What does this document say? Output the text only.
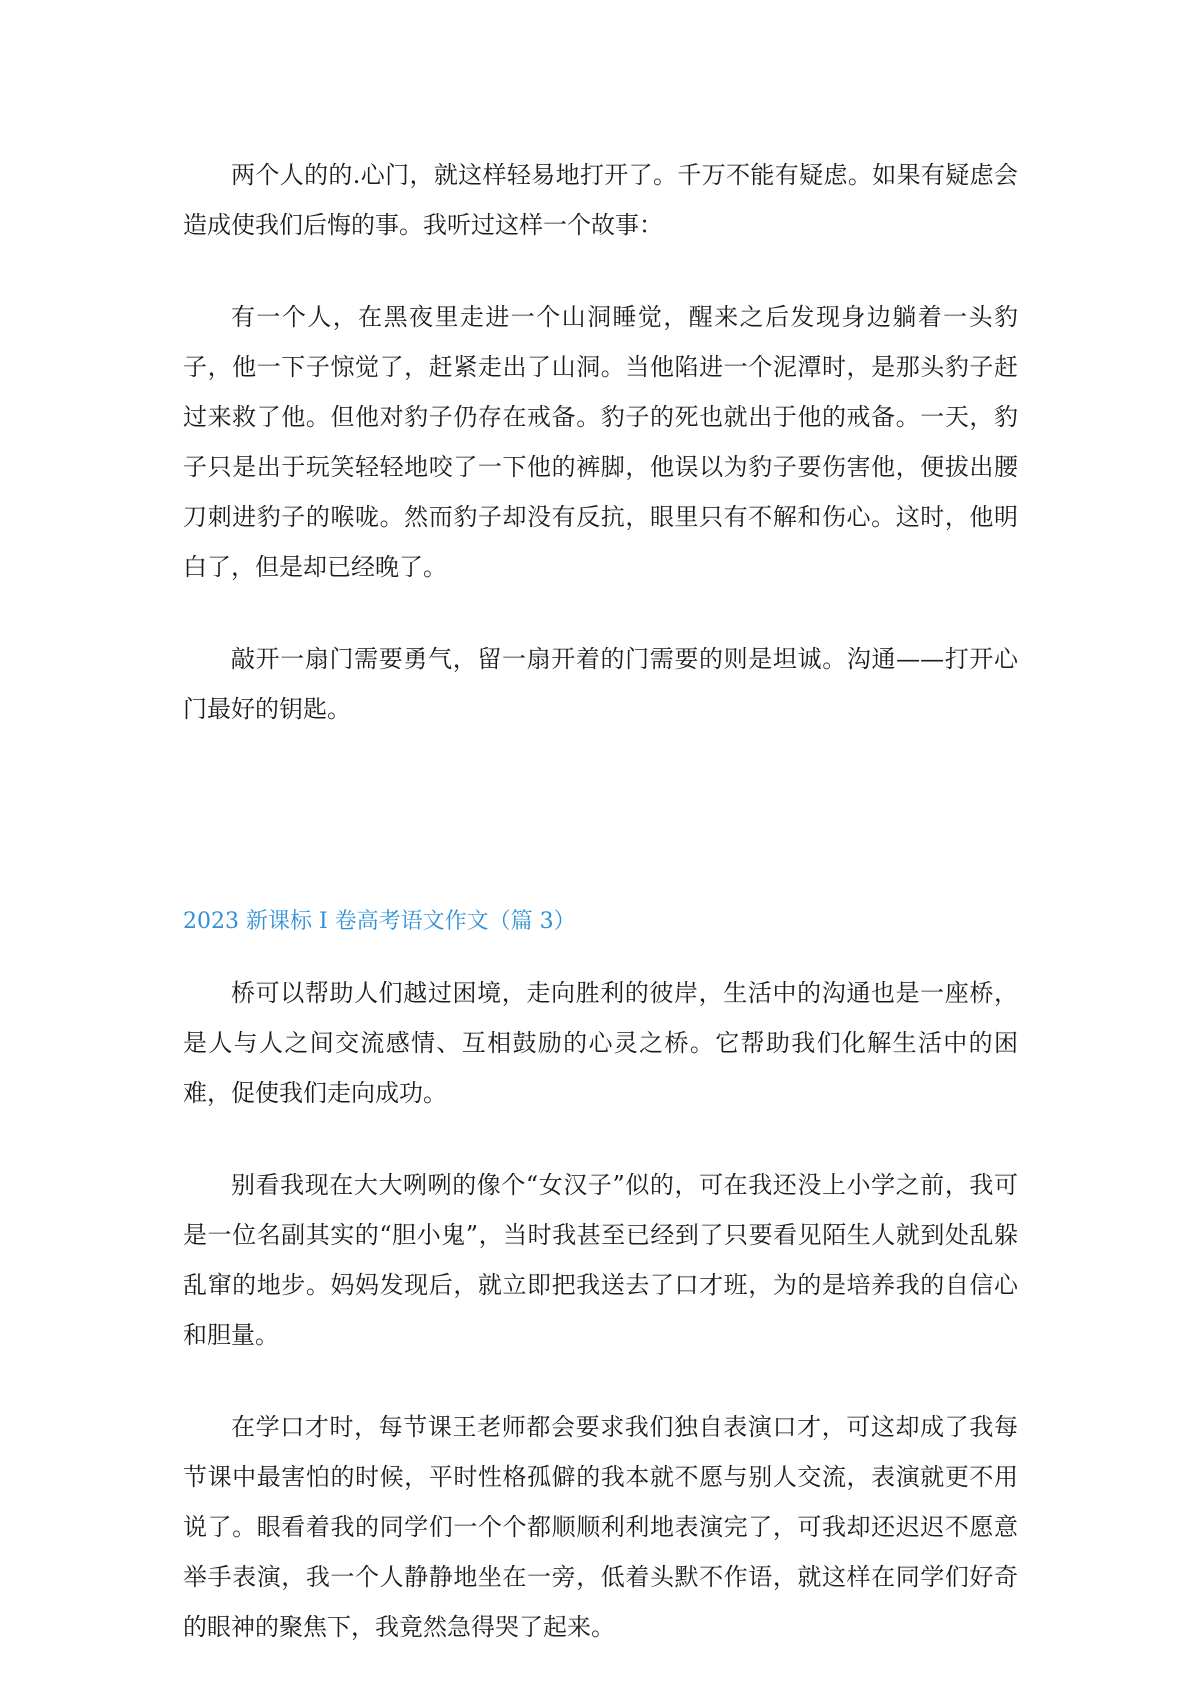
两个人的的.心门，就这样轻易地打开了。千万不能有疑虑。如果有疑虑会造成使我们后悔的事。我听过这样一个故事：

有一个人，在黑夜里走进一个山洞睡觉，醒来之后发现身边躺着一头豹子，他一下子惊觉了，赶紧走出了山洞。当他陷进一个泥潭时，是那头豹子赶过来救了他。但他对豹子仍存在戒备。豹子的死也就出于他的戒备。一天，豹子只是出于玩笑轻轻地咬了一下他的裤脚，他误以为豹子要伤害他，便拔出腰刀刺进豹子的喉咙。然而豹子却没有反抗，眼里只有不解和伤心。这时，他明白了，但是却已经晚了。

敲开一扇门需要勇气，留一扇开着的门需要的则是坦诚。沟通——打开心门最好的钥匙。

2023 新课标 I 卷高考语文作文（篇 3）

桥可以帮助人们越过困境，走向胜利的彼岸，生活中的沟通也是一座桥，是人与人之间交流感情、互相鼓励的心灵之桥。它帮助我们化解生活中的困难，促使我们走向成功。

别看我现在大大咧咧的像个“女汉子”似的，可在我还没上小学之前，我可是一位名副其实的“胆小鬼”，当时我甚至已经到了只要看见陌生人就到处乱躲乱窜的地步。妈妈发现后，就立即把我送去了口才班，为的是培养我的自信心和胆量。

在学口才时，每节课王老师都会要求我们独自表演口才，可这却成了我每节课中最害怕的时候，平时性格孤僻的我本就不愿与别人交流，表演就更不用说了。眼看着我的同学们一个个都顺顺利利地表演完了，可我却还迟迟不愿意举手表演，我一个人静静地坐在一旁，低着头默不作语，就这样在同学们好奇的眼神的聚焦下，我竟然急得哭了起来。
